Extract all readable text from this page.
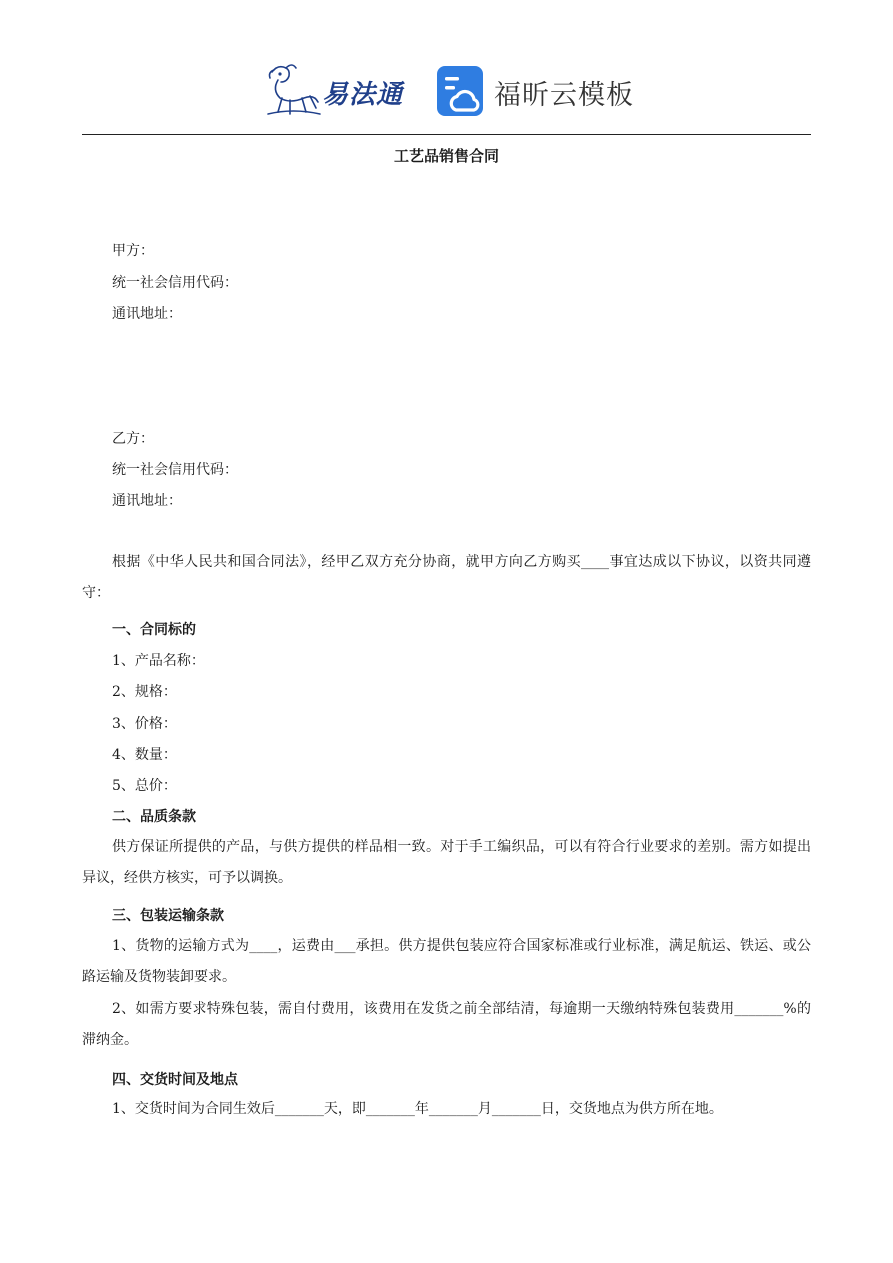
易法通	福昕云模板
工艺品销售合同
甲方：
统一社会信用代码：
通讯地址：
乙方：
统一社会信用代码：
通讯地址：
根据《中华人民共和国合同法》，经甲乙双方充分协商，就甲方向乙方购买____事宜达成以下协议，以资共同遵守：
一、合同标的
1、产品名称：
2、规格：
3、价格：
4、数量：
5、总价：
二、品质条款
供方保证所提供的产品，与供方提供的样品相一致。对于手工编织品，可以有符合行业要求的差别。需方如提出异议，经供方核实，可予以调换。
三、包装运输条款
1、货物的运输方式为____，运费由___承担。供方提供包装应符合国家标准或行业标准，满足航运、铁运、或公路运输及货物装卸要求。
2、如需方要求特殊包装，需自付费用，该费用在发货之前全部结清，每逾期一天缴纳特殊包装费用_______%的滞纳金。
四、交货时间及地点
1、交货时间为合同生效后_______天，即_______年_______月_______日，交货地点为供方所在地。
